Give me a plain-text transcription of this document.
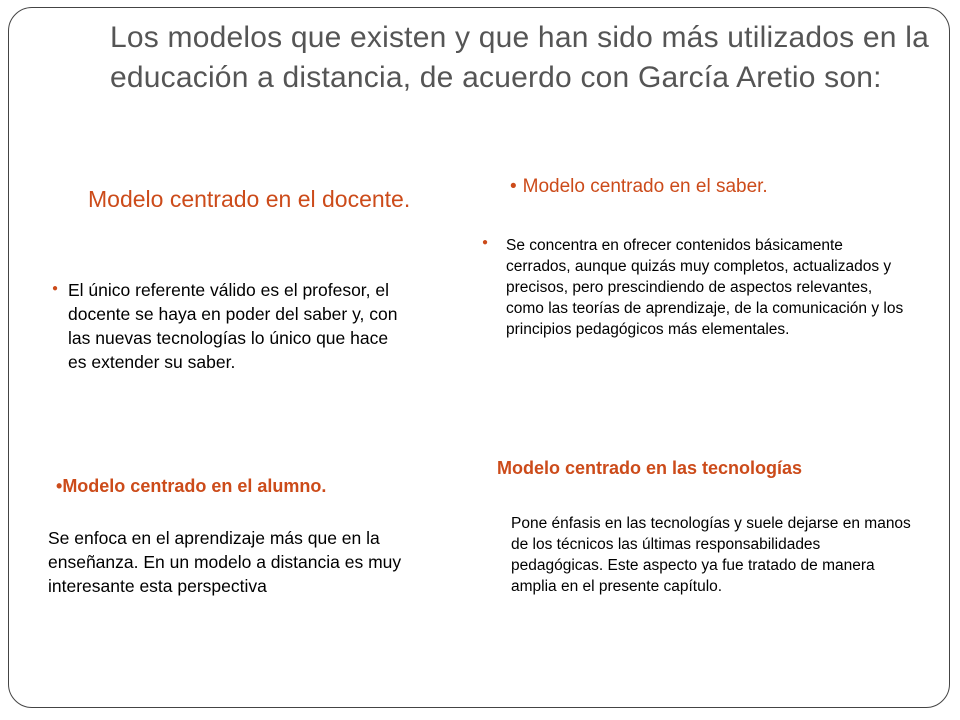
Los modelos que existen y que han sido más utilizados en la educación a distancia, de acuerdo con García Aretio son:
Modelo centrado en el docente.
● El único referente válido es el profesor, el docente se haya en poder del saber y, con las nuevas tecnologías lo único que hace es extender su saber.
• Modelo centrado en el saber.
● Se concentra en ofrecer contenidos básicamente cerrados, aunque quizás muy completos, actualizados y precisos, pero prescindiendo de aspectos relevantes, como las teorías de aprendizaje, de la comunicación y los principios pedagógicos más elementales.
•Modelo centrado en el alumno.
Se enfoca en el aprendizaje más que en la enseñanza. En un modelo a distancia es muy interesante esta perspectiva
Modelo centrado en las tecnologías
Pone énfasis en las tecnologías y suele dejarse en manos de los técnicos las últimas responsabilidades pedagógicas. Este aspecto ya fue tratado de manera amplia en el presente capítulo.
